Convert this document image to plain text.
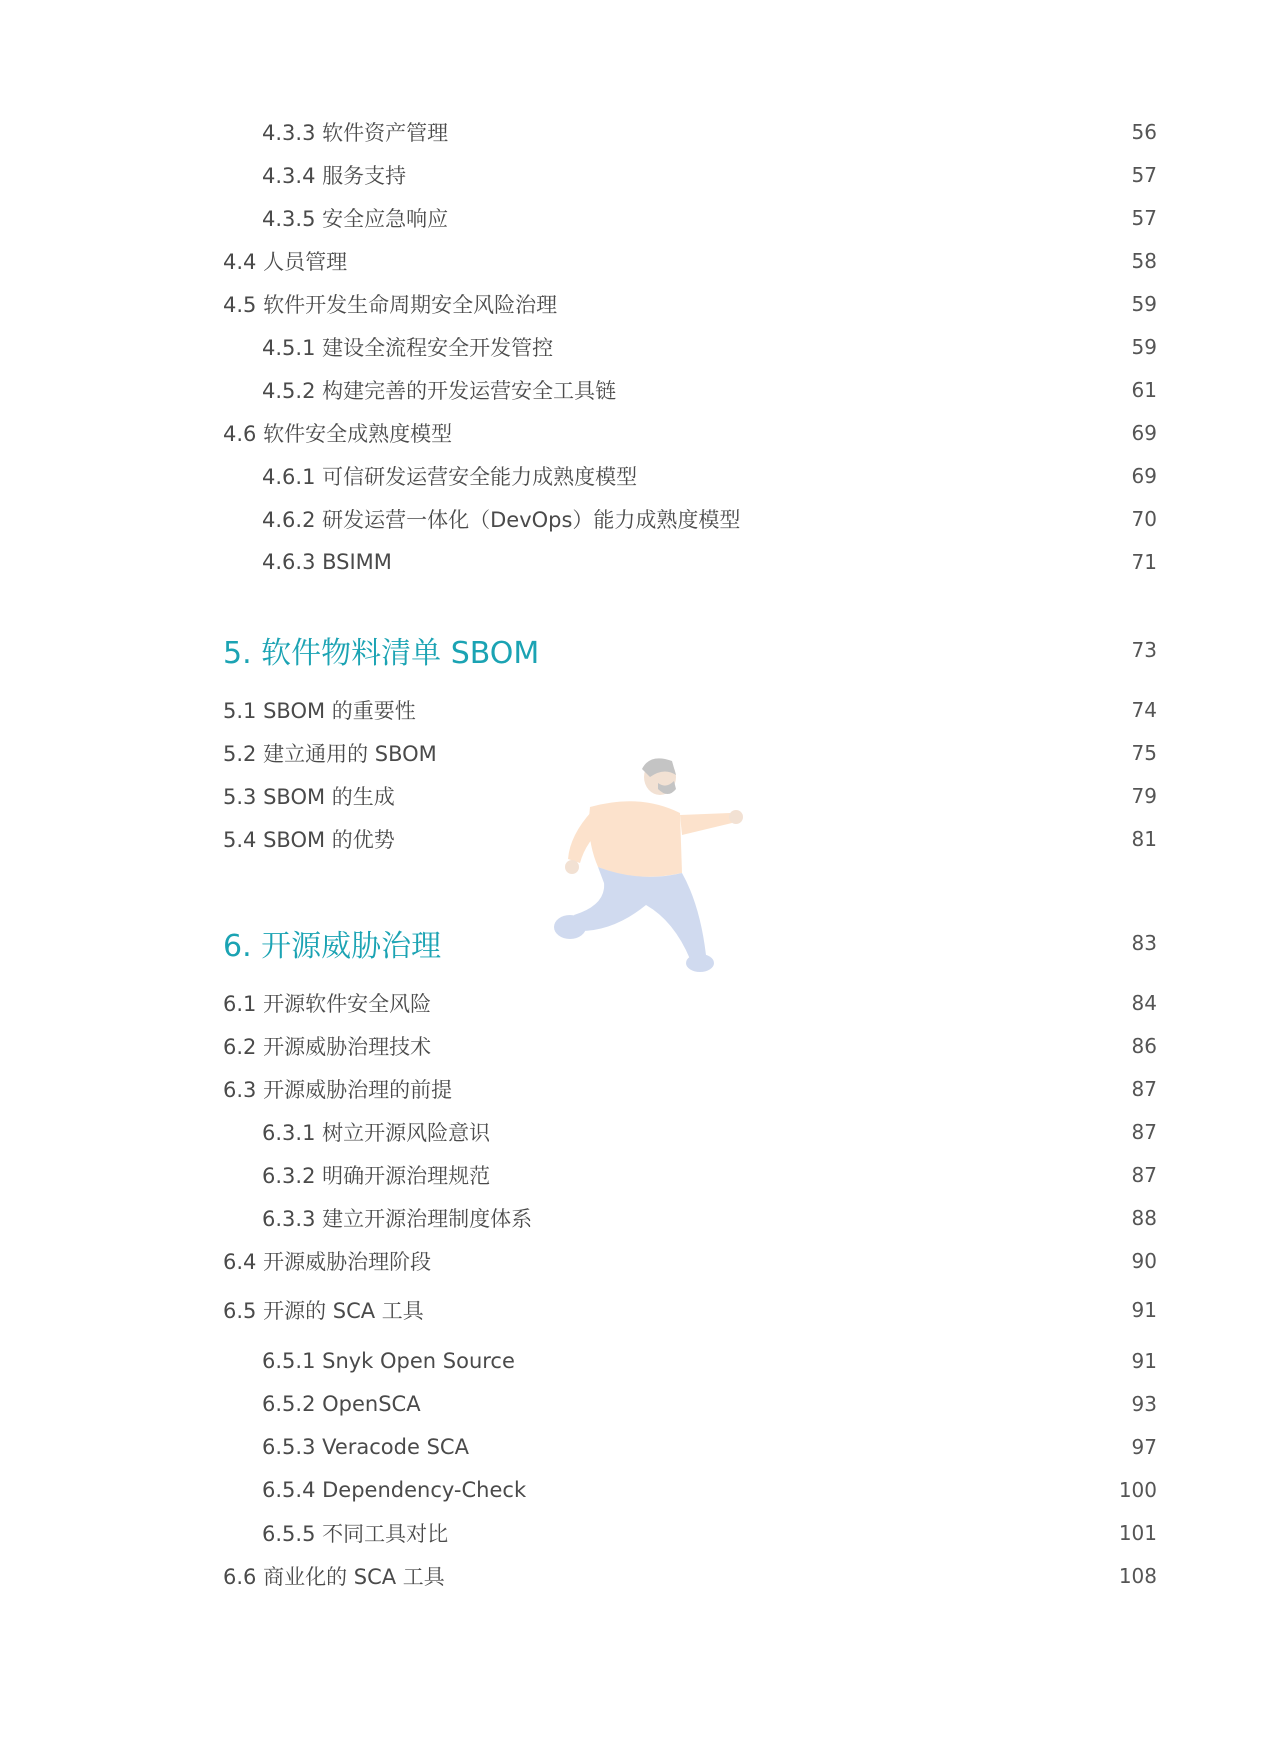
4.3.3 软件资产管理	56
4.3.4 服务支持	57
4.3.5 安全应急响应	57
4.4 人员管理	58
4.5 软件开发生命周期安全风险治理	59
4.5.1 建设全流程安全开发管控	59
4.5.2 构建完善的开发运营安全工具链	61
4.6 软件安全成熟度模型	69
4.6.1 可信研发运营安全能力成熟度模型	69
4.6.2 研发运营一体化（DevOps）能力成熟度模型	70
4.6.3 BSIMM	71
5. 软件物料清单 SBOM	73
5.1 SBOM 的重要性	74
5.2 建立通用的 SBOM	75
5.3 SBOM 的生成	79
5.4 SBOM 的优势	81
6. 开源威胁治理	83
6.1 开源软件安全风险	84
6.2 开源威胁治理技术	86
6.3 开源威胁治理的前提	87
6.3.1 树立开源风险意识	87
6.3.2 明确开源治理规范	87
6.3.3 建立开源治理制度体系	88
6.4 开源威胁治理阶段	90
6.5 开源的 SCA 工具	91
6.5.1 Snyk Open Source	91
6.5.2 OpenSCA	93
6.5.3 Veracode SCA	97
6.5.4 Dependency-Check	100
6.5.5 不同工具对比	101
6.6 商业化的 SCA 工具	108
